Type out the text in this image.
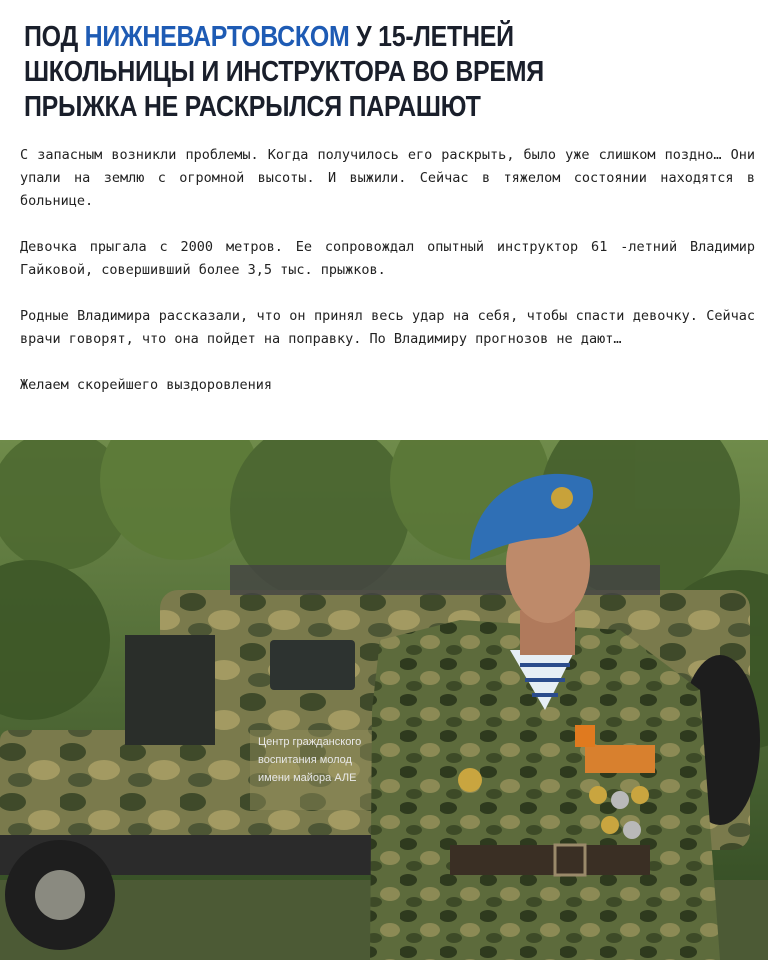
ПОД НИЖНЕВАРТОВСКОМ У 15-ЛЕТНЕЙ ШКОЛЬНИЦЫ И ИНСТРУКТОРА ВО ВРЕМЯ ПРЫЖКА НЕ РАСКРЫЛСЯ ПАРАШЮТ

С запасным возникли проблемы. Когда получилось его раскрыть, было уже слишком поздно… Они упали на землю с огромной высоты. И выжили. Сейчас в тяжелом состоянии находятся в больнице.

Девочка прыгала с 2000 метров. Ее сопровождал опытный инструктор 61 -летний Владимир Гайковой, совершивший более 3,5 тыс. прыжков.

Родные Владимира рассказали, что он принял весь удар на себя, чтобы спасти девочку. Сейчас врачи говорят, что она пойдет на поправку. По Владимиру прогнозов не дают…

Желаем скорейшего выздоровления

Центр гражданского
воспитания молод
имени майора АЛЕ
